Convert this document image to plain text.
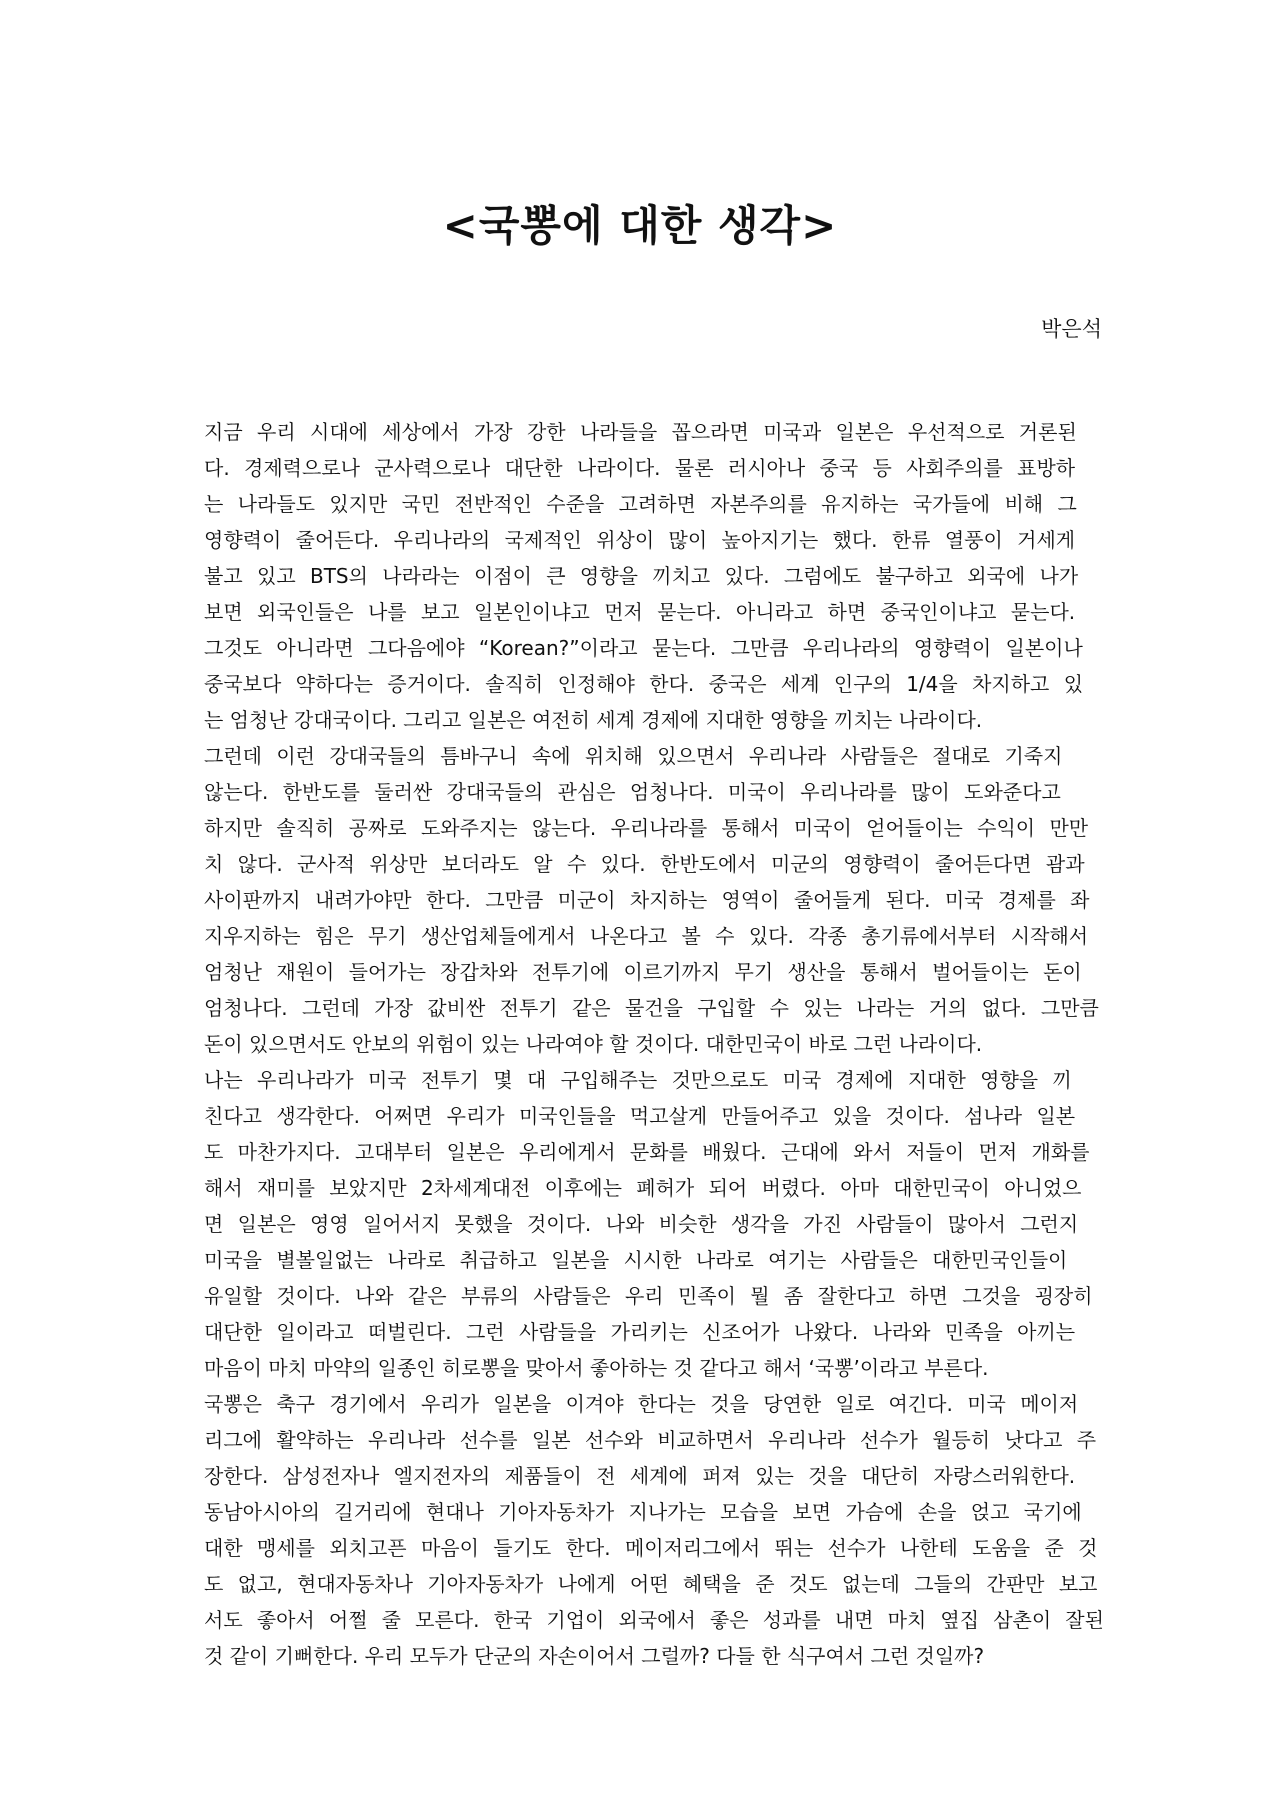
<국뽕에 대한 생각>

박은석

지금 우리 시대에 세상에서 가장 강한 나라들을 꼽으라면 미국과 일본은 우선적으로 거론된
다. 경제력으로나 군사력으로나 대단한 나라이다. 물론 러시아나 중국 등 사회주의를 표방하
는 나라들도 있지만 국민 전반적인 수준을 고려하면 자본주의를 유지하는 국가들에 비해 그
영향력이 줄어든다. 우리나라의 국제적인 위상이 많이 높아지기는 했다. 한류 열풍이 거세게
불고 있고 BTS의 나라라는 이점이 큰 영향을 끼치고 있다. 그럼에도 불구하고 외국에 나가
보면 외국인들은 나를 보고 일본인이냐고 먼저 묻는다. 아니라고 하면 중국인이냐고 묻는다.
그것도 아니라면 그다음에야 “Korean?”이라고 묻는다. 그만큼 우리나라의 영향력이 일본이나
중국보다 약하다는 증거이다. 솔직히 인정해야 한다. 중국은 세계 인구의 1/4을 차지하고 있
는 엄청난 강대국이다. 그리고 일본은 여전히 세계 경제에 지대한 영향을 끼치는 나라이다.

그런데 이런 강대국들의 틈바구니 속에 위치해 있으면서 우리나라 사람들은 절대로 기죽지
않는다. 한반도를 둘러싼 강대국들의 관심은 엄청나다. 미국이 우리나라를 많이 도와준다고
하지만 솔직히 공짜로 도와주지는 않는다. 우리나라를 통해서 미국이 얻어들이는 수익이 만만
치 않다. 군사적 위상만 보더라도 알 수 있다. 한반도에서 미군의 영향력이 줄어든다면 괌과
사이판까지 내려가야만 한다. 그만큼 미군이 차지하는 영역이 줄어들게 된다. 미국 경제를 좌
지우지하는 힘은 무기 생산업체들에게서 나온다고 볼 수 있다. 각종 총기류에서부터 시작해서
엄청난 재원이 들어가는 장갑차와 전투기에 이르기까지 무기 생산을 통해서 벌어들이는 돈이
엄청나다. 그런데 가장 값비싼 전투기 같은 물건을 구입할 수 있는 나라는 거의 없다. 그만큼
돈이 있으면서도 안보의 위험이 있는 나라여야 할 것이다. 대한민국이 바로 그런 나라이다.

나는 우리나라가 미국 전투기 몇 대 구입해주는 것만으로도 미국 경제에 지대한 영향을 끼
친다고 생각한다. 어쩌면 우리가 미국인들을 먹고살게 만들어주고 있을 것이다. 섬나라 일본
도 마찬가지다. 고대부터 일본은 우리에게서 문화를 배웠다. 근대에 와서 저들이 먼저 개화를
해서 재미를 보았지만 2차세계대전 이후에는 폐허가 되어 버렸다. 아마 대한민국이 아니었으
면 일본은 영영 일어서지 못했을 것이다. 나와 비슷한 생각을 가진 사람들이 많아서 그런지
미국을 별볼일없는 나라로 취급하고 일본을 시시한 나라로 여기는 사람들은 대한민국인들이
유일할 것이다. 나와 같은 부류의 사람들은 우리 민족이 뭘 좀 잘한다고 하면 그것을 굉장히
대단한 일이라고 떠벌린다. 그런 사람들을 가리키는 신조어가 나왔다. 나라와 민족을 아끼는
마음이 마치 마약의 일종인 히로뽕을 맞아서 좋아하는 것 같다고 해서 ‘국뽕’이라고 부른다.

국뽕은 축구 경기에서 우리가 일본을 이겨야 한다는 것을 당연한 일로 여긴다. 미국 메이저
리그에 활약하는 우리나라 선수를 일본 선수와 비교하면서 우리나라 선수가 월등히 낫다고 주
장한다. 삼성전자나 엘지전자의 제품들이 전 세계에 퍼져 있는 것을 대단히 자랑스러워한다.
동남아시아의 길거리에 현대나 기아자동차가 지나가는 모습을 보면 가슴에 손을 얹고 국기에
대한 맹세를 외치고픈 마음이 들기도 한다. 메이저리그에서 뛰는 선수가 나한테 도움을 준 것
도 없고, 현대자동차나 기아자동차가 나에게 어떤 혜택을 준 것도 없는데 그들의 간판만 보고
서도 좋아서 어쩔 줄 모른다. 한국 기업이 외국에서 좋은 성과를 내면 마치 옆집 삼촌이 잘된
것 같이 기뻐한다. 우리 모두가 단군의 자손이어서 그럴까? 다들 한 식구여서 그런 것일까?
